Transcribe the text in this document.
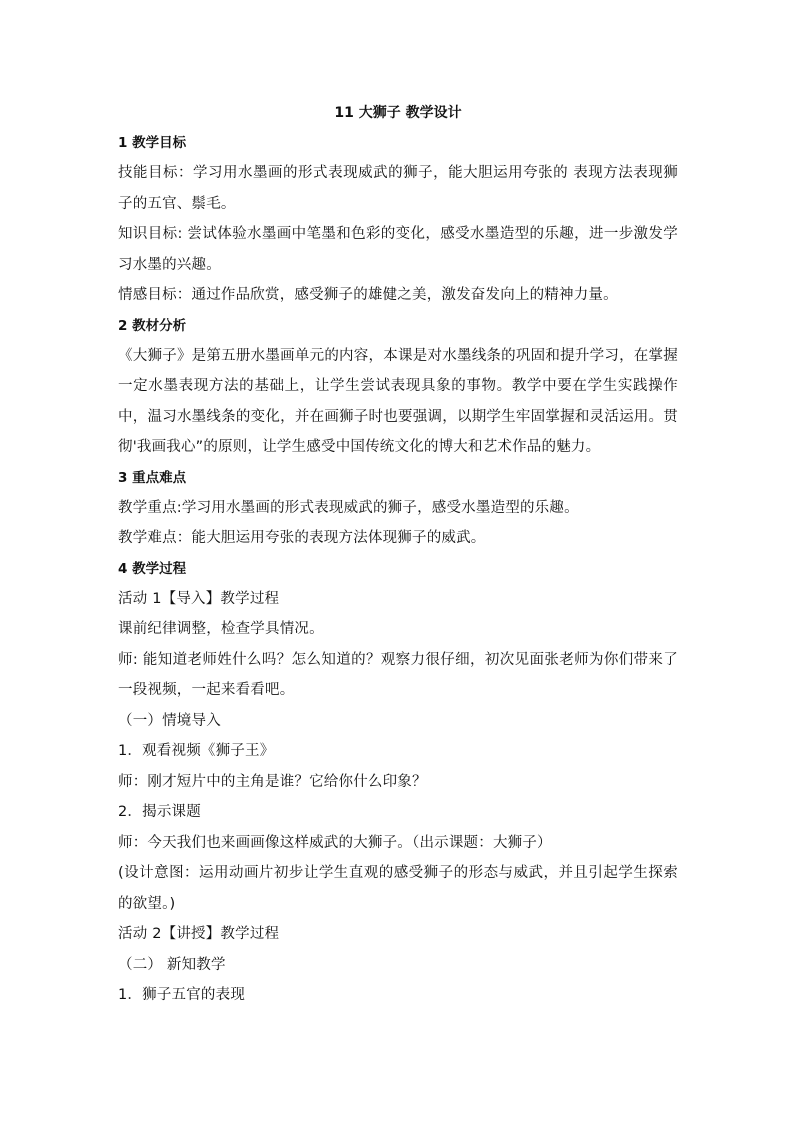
11 大狮子 教学设计
1 教学目标

技能目标：学习用水墨画的形式表现威武的狮子，能大胆运用夸张的 表现方法表现狮子的五官、鬃毛。

知识目标: 尝试体验水墨画中笔墨和色彩的变化，感受水墨造型的乐趣，进一步激发学习水墨的兴趣。

情感目标：通过作品欣赏，感受狮子的雄健之美，激发奋发向上的精神力量。

2 教材分析

《大狮子》是第五册水墨画单元的内容，本课是对水墨线条的巩固和提升学习，在掌握一定水墨表现方法的基础上，让学生尝试表现具象的事物。教学中要在学生实践操作中，温习水墨线条的变化，并在画狮子时也要强调，以期学生牢固掌握和灵活运用。贯彻'我画我心”的原则，让学生感受中国传统文化的博大和艺术作品的魅力。

3 重点难点

教学重点:学习用水墨画的形式表现威武的狮子，感受水墨造型的乐趣。

教学难点：能大胆运用夸张的表现方法体现狮子的威武。

4 教学过程

活动 1【导入】教学过程

课前纪律调整，检查学具情况。

师: 能知道老师姓什么吗？怎么知道的？观察力很仔细，初次见面张老师为你们带来了一段视频，一起来看看吧。

（一）情境导入

1．观看视频《狮子王》

师：刚才短片中的主角是谁？它给你什么印象？

2．揭示课题

师：今天我们也来画画像这样威武的大狮子。（出示课题：大狮子）

(设计意图：运用动画片初步让学生直观的感受狮子的形态与威武，并且引起学生探索的欲望。)

活动 2【讲授】教学过程

（二） 新知教学

1．狮子五官的表现
